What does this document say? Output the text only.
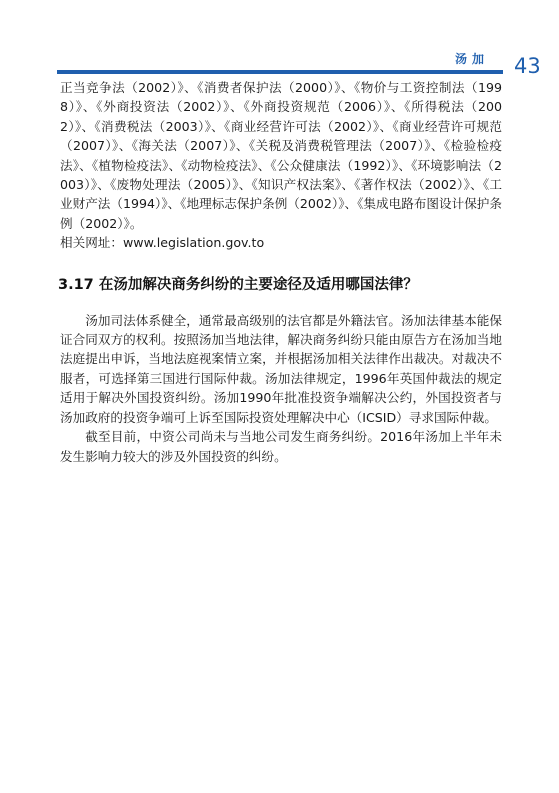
汤加 43

正当竞争法（2002）》、《消费者保护法（2000）》、《物价与工资控制法（1998）》、《外商投资法（2002）》、《外商投资规范（2006）》、《所得税法（2002）》、《消费税法（2003）》、《商业经营许可法（2002）》、《商业经营许可规范（2007）》、《海关法（2007）》、《关税及消费税管理法（2007）》、《检验检疫法》、《植物检疫法》、《动物检疫法》、《公众健康法（1992）》、《环境影响法（2003）》、《废物处理法（2005）》、《知识产权法案》、《著作权法（2002）》、《工业财产法（1994）》、《地理标志保护条例（2002）》、《集成电路布图设计保护条例（2002）》。

相关网址：www.legislation.gov.to

3.17 在汤加解决商务纠纷的主要途径及适用哪国法律？

汤加司法体系健全，通常最高级别的法官都是外籍法官。汤加法律基本能保证合同双方的权利。按照汤加当地法律，解决商务纠纷只能由原告方在汤加当地法庭提出申诉，当地法庭视案情立案，并根据汤加相关法律作出裁决。对裁决不服者，可选择第三国进行国际仲裁。汤加法律规定，1996年英国仲裁法的规定适用于解决外国投资纠纷。汤加1990年批准投资争端解决公约，外国投资者与汤加政府的投资争端可上诉至国际投资处理解决中心（ICSID）寻求国际仲裁。

截至目前，中资公司尚未与当地公司发生商务纠纷。2016年汤加上半年未发生影响力较大的涉及外国投资的纠纷。
